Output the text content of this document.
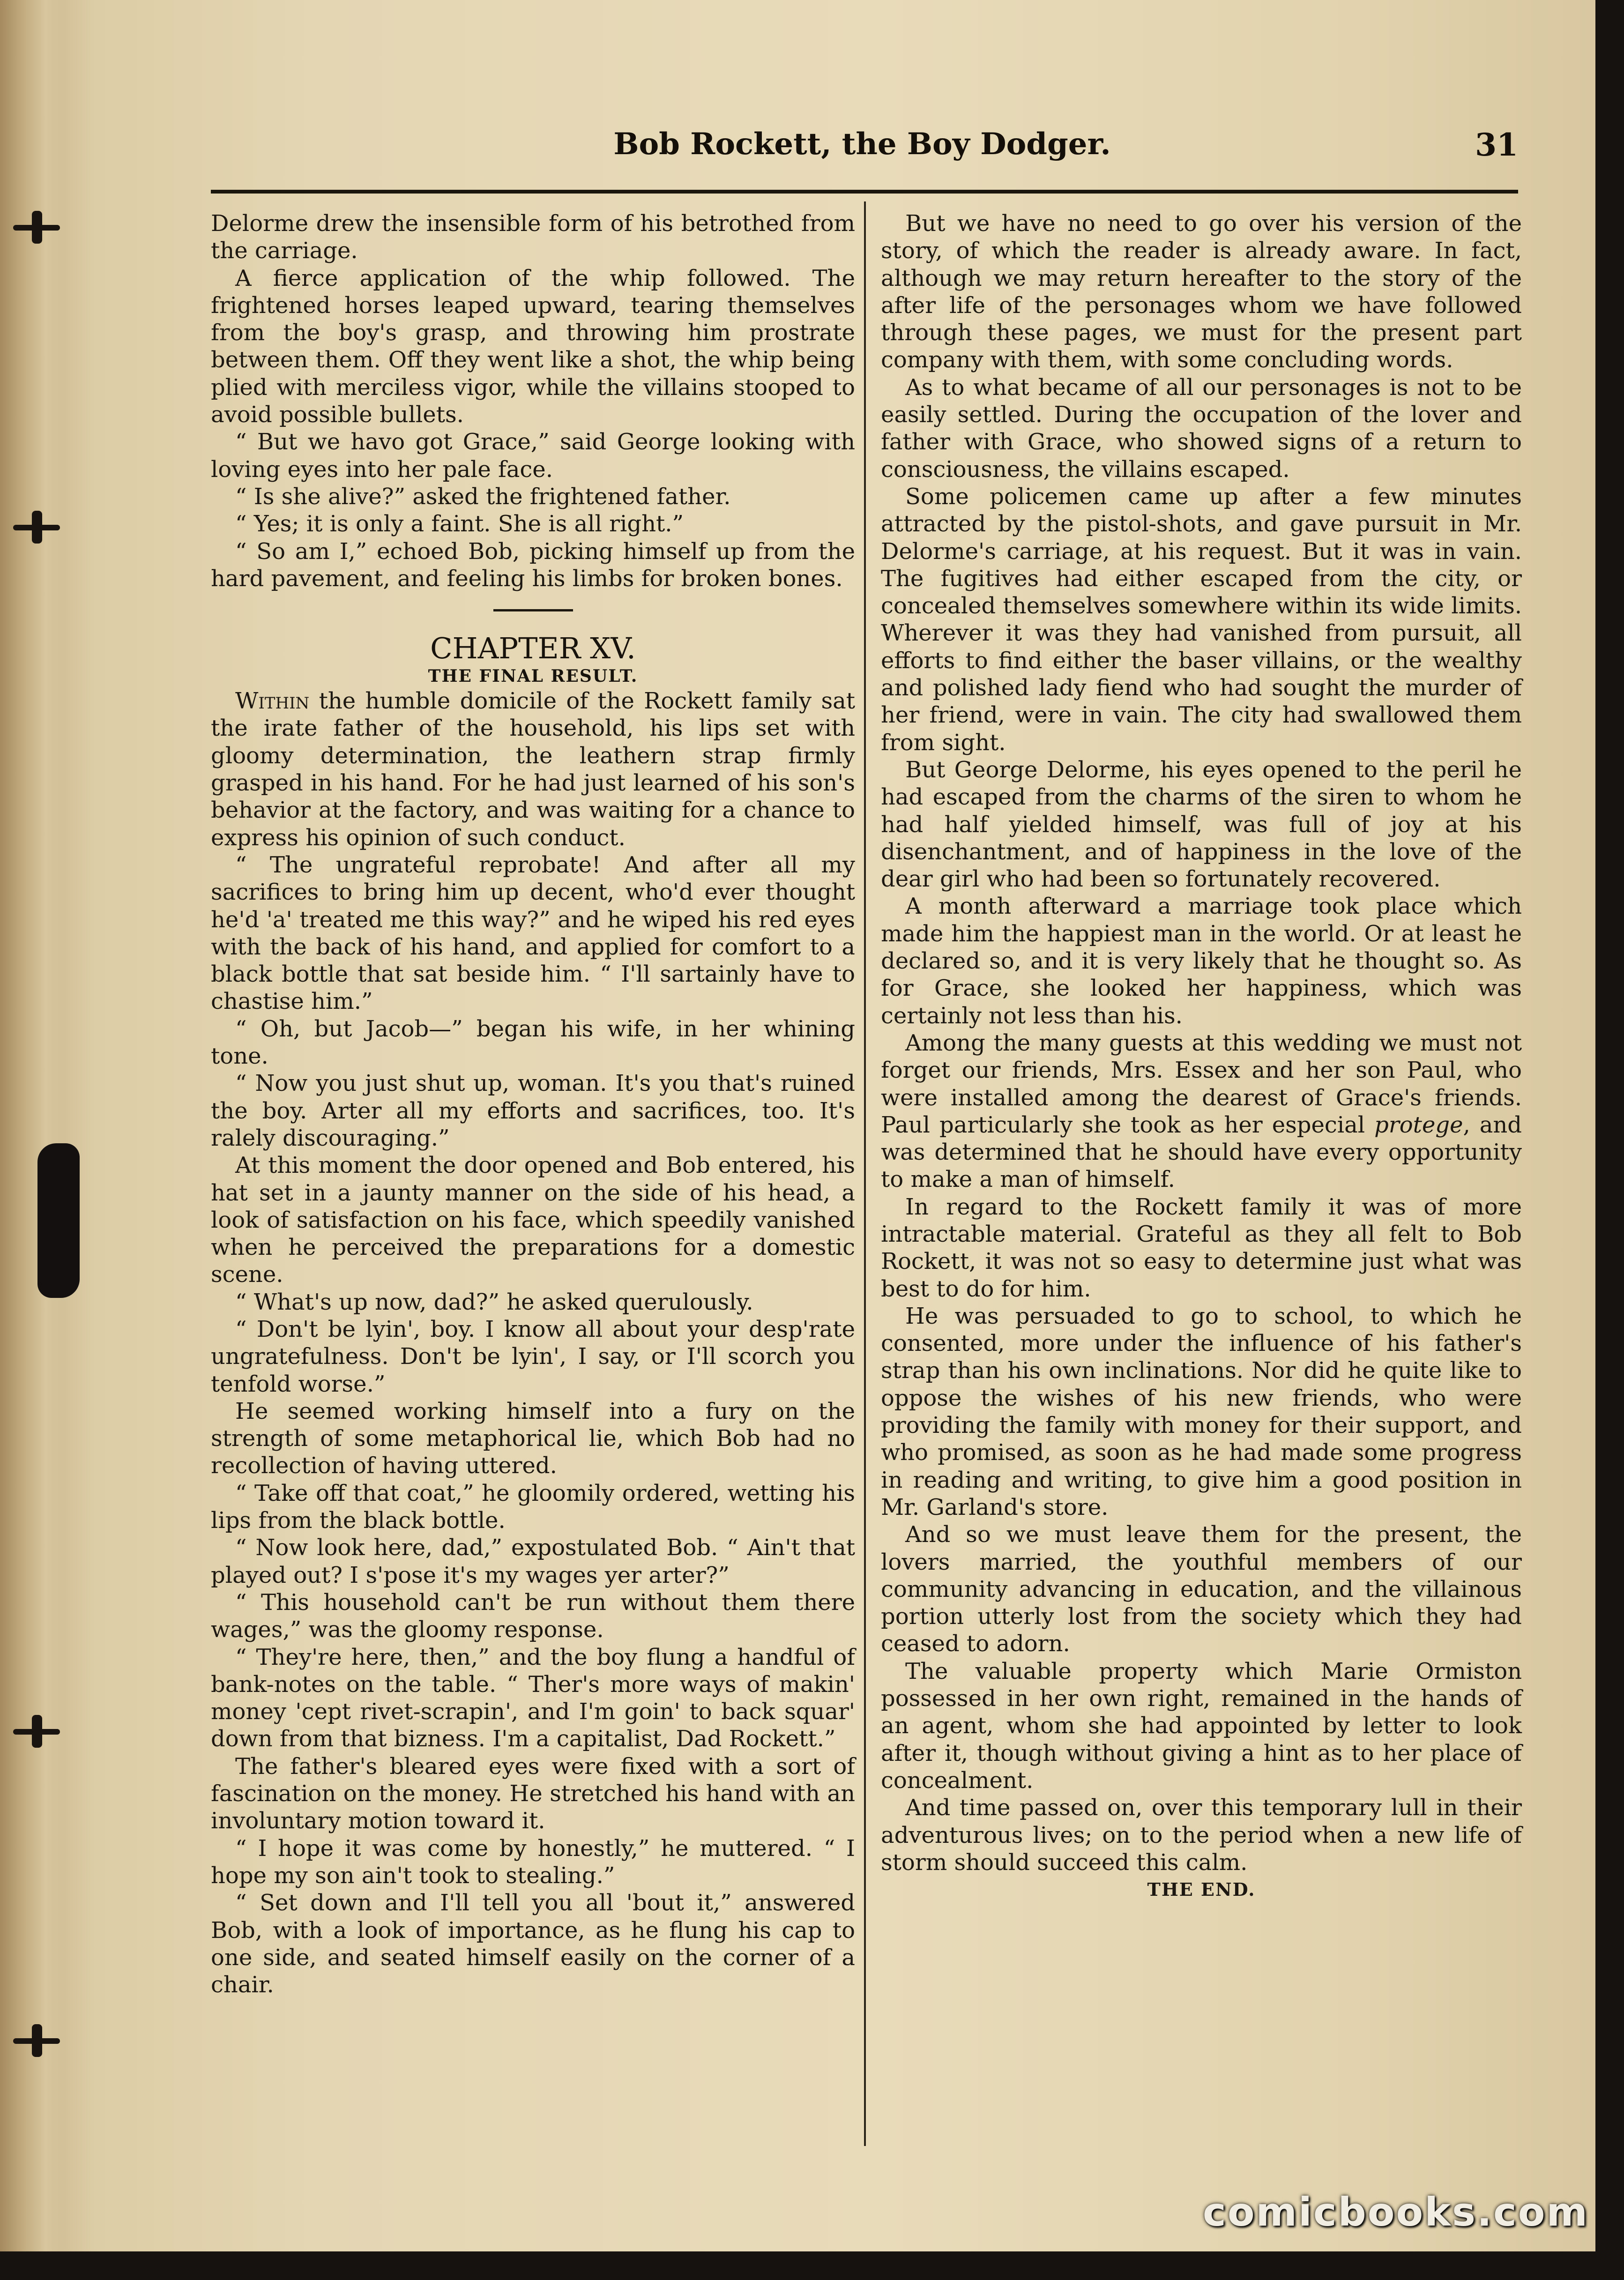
Bob Rockett, the Boy Dodger.	31

Delorme drew the insensible form of his betrothed from the carriage.

A fierce application of the whip followed. The frightened horses leaped upward, tearing themselves from the boy's grasp, and throwing him prostrate between them. Off they went like a shot, the whip being plied with merciless vigor, while the villains stooped to avoid possible bullets.

“ But we havo got Grace,” said George looking with loving eyes into her pale face.

“ Is she alive?” asked the frightened father.

“ Yes; it is only a faint. She is all right.”

“ So am I,” echoed Bob, picking himself up from the hard pavement, and feeling his limbs for broken bones.

CHAPTER XV.

THE FINAL RESULT.

Within the humble domicile of the Rockett family sat the irate father of the household, his lips set with gloomy determination, the leathern strap firmly grasped in his hand. For he had just learned of his son's behavior at the factory, and was waiting for a chance to express his opinion of such conduct.

“ The ungrateful reprobate! And after all my sacrifices to bring him up decent, who'd ever thought he'd 'a' treated me this way?” and he wiped his red eyes with the back of his hand, and applied for comfort to a black bottle that sat beside him. “ I'll sartainly have to chastise him.”

“ Oh, but Jacob—” began his wife, in her whining tone.

“ Now you just shut up, woman. It's you that's ruined the boy. Arter all my efforts and sacrifices, too. It's ralely discouraging.”

At this moment the door opened and Bob entered, his hat set in a jaunty manner on the side of his head, a look of satisfaction on his face, which speedily vanished when he perceived the preparations for a domestic scene.

“ What's up now, dad?” he asked querulously.

“ Don't be lyin', boy. I know all about your desp'rate ungratefulness. Don't be lyin', I say, or I'll scorch you tenfold worse.”

He seemed working himself into a fury on the strength of some metaphorical lie, which Bob had no recollection of having uttered.

“ Take off that coat,” he gloomily ordered, wetting his lips from the black bottle.

“ Now look here, dad,” expostulated Bob. “ Ain't that played out? I s'pose it's my wages yer arter?”

“ This household can't be run without them there wages,” was the gloomy response.

“ They're here, then,” and the boy flung a handful of bank-notes on the table. “ Ther's more ways of makin' money 'cept rivet-scrapin', and I'm goin' to back squar' down from that bizness. I'm a capitalist, Dad Rockett.”

The father's bleared eyes were fixed with a sort of fascination on the money. He stretched his hand with an involuntary motion toward it.

“ I hope it was come by honestly,” he muttered. “ I hope my son ain't took to stealing.”

“ Set down and I'll tell you all 'bout it,” answered Bob, with a look of importance, as he flung his cap to one side, and seated himself easily on the corner of a chair.

But we have no need to go over his version of the story, of which the reader is already aware. In fact, although we may return hereafter to the story of the after life of the personages whom we have followed through these pages, we must for the present part company with them, with some concluding words.

As to what became of all our personages is not to be easily settled. During the occupation of the lover and father with Grace, who showed signs of a return to consciousness, the villains escaped.

Some policemen came up after a few minutes attracted by the pistol-shots, and gave pursuit in Mr. Delorme's carriage, at his request. But it was in vain. The fugitives had either escaped from the city, or concealed themselves somewhere within its wide limits. Wherever it was they had vanished from pursuit, all efforts to find either the baser villains, or the wealthy and polished lady fiend who had sought the murder of her friend, were in vain. The city had swallowed them from sight.

But George Delorme, his eyes opened to the peril he had escaped from the charms of the siren to whom he had half yielded himself, was full of joy at his disenchantment, and of happiness in the love of the dear girl who had been so fortunately recovered.

A month afterward a marriage took place which made him the happiest man in the world. Or at least he declared so, and it is very likely that he thought so. As for Grace, she looked her happiness, which was certainly not less than his.

Among the many guests at this wedding we must not forget our friends, Mrs. Essex and her son Paul, who were installed among the dearest of Grace's friends. Paul particularly she took as her especial protege, and was determined that he should have every opportunity to make a man of himself.

In regard to the Rockett family it was of more intractable material. Grateful as they all felt to Bob Rockett, it was not so easy to determine just what was best to do for him.

He was persuaded to go to school, to which he consented, more under the influence of his father's strap than his own inclinations. Nor did he quite like to oppose the wishes of his new friends, who were providing the family with money for their support, and who promised, as soon as he had made some progress in reading and writing, to give him a good position in Mr. Garland's store.

And so we must leave them for the present, the lovers married, the youthful members of our community advancing in education, and the villainous portion utterly lost from the society which they had ceased to adorn.

The valuable property which Marie Ormiston possessed in her own right, remained in the hands of an agent, whom she had appointed by letter to look after it, though without giving a hint as to her place of concealment.

And time passed on, over this temporary lull in their adventurous lives; on to the period when a new life of storm should succeed this calm.

THE END.

comicbooks.com
